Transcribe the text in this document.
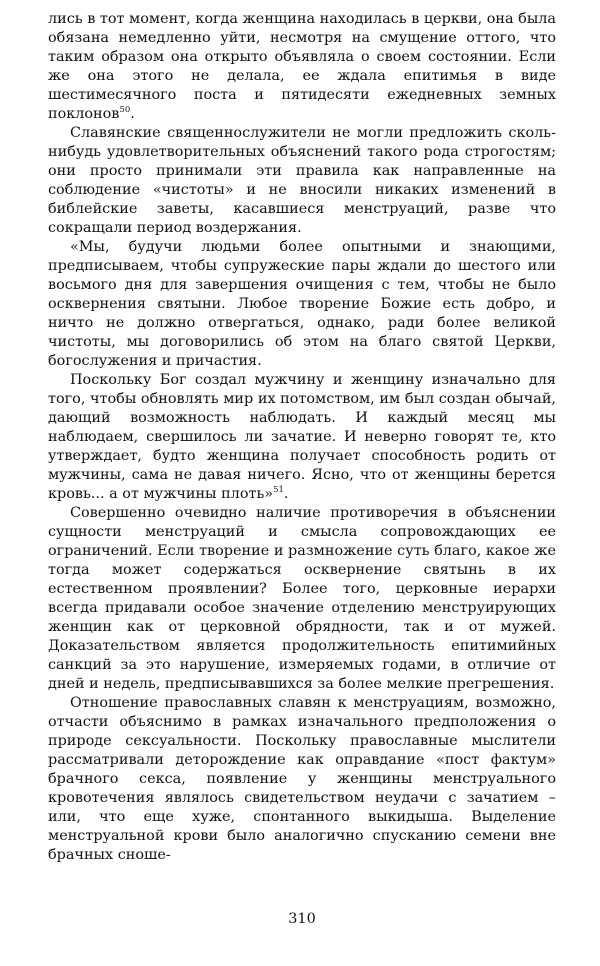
лись в тот момент, когда женщина находилась в церкви, она была обязана немедленно уйти, несмотря на смущение оттого, что таким образом она открыто объявляла о своем состоянии. Если же она этого не делала, ее ждала епитимья в виде шестимесячного поста и пятидесяти ежедневных земных поклонов$^{50}$.

Славянские священнослужители не могли предложить сколь-нибудь удовлетворительных объяснений такого рода строгостям; они просто принимали эти правила как направленные на соблюдение «чистоты» и не вносили никаких изменений в библейские заветы, касавшиеся менструаций, разве что сокращали период воздержания.

«Мы, будучи людьми более опытными и знающими, предписываем, чтобы супружеские пары ждали до шестого или восьмого дня для завершения очищения с тем, чтобы не было осквернения святыни. Любое творение Божие есть добро, и ничто не должно отвергаться, однако, ради более великой чистоты, мы договорились об этом на благо святой Церкви, богослужения и причастия.

Поскольку Бог создал мужчину и женщину изначально для того, чтобы обновлять мир их потомством, им был создан обычай, дающий возможность наблюдать. И каждый месяц мы наблюдаем, свершилось ли зачатие. И неверно говорят те, кто утверждает, будто женщина получает способность родить от мужчины, сама не давая ничего. Ясно, что от женщины берется кровь... а от мужчины плоть»$^{51}$.

Совершенно очевидно наличие противоречия в объяснении сущности менструаций и смысла сопровождающих ее ограничений. Если творение и размножение суть благо, какое же тогда может содержаться осквернение святынь в их естественном проявлении? Более того, церковные иерархи всегда придавали особое значение отделению менструирующих женщин как от церковной обрядности, так и от мужей. Доказательством является продолжительность епитимийных санкций за это нарушение, измеряемых годами, в отличие от дней и недель, предписывавшихся за более мелкие прегрешения.

Отношение православных славян к менструациям, возможно, отчасти объяснимо в рамках изначального предположения о природе сексуальности. Поскольку православные мыслители рассматривали деторождение как оправдание «пост фактум» брачного секса, появление у женщины менструального кровотечения являлось свидетельством неудачи с зачатием – или, что еще хуже, спонтанного выкидыша. Выделение менструальной крови было аналогично спусканию семени вне брачных сноше-

310
